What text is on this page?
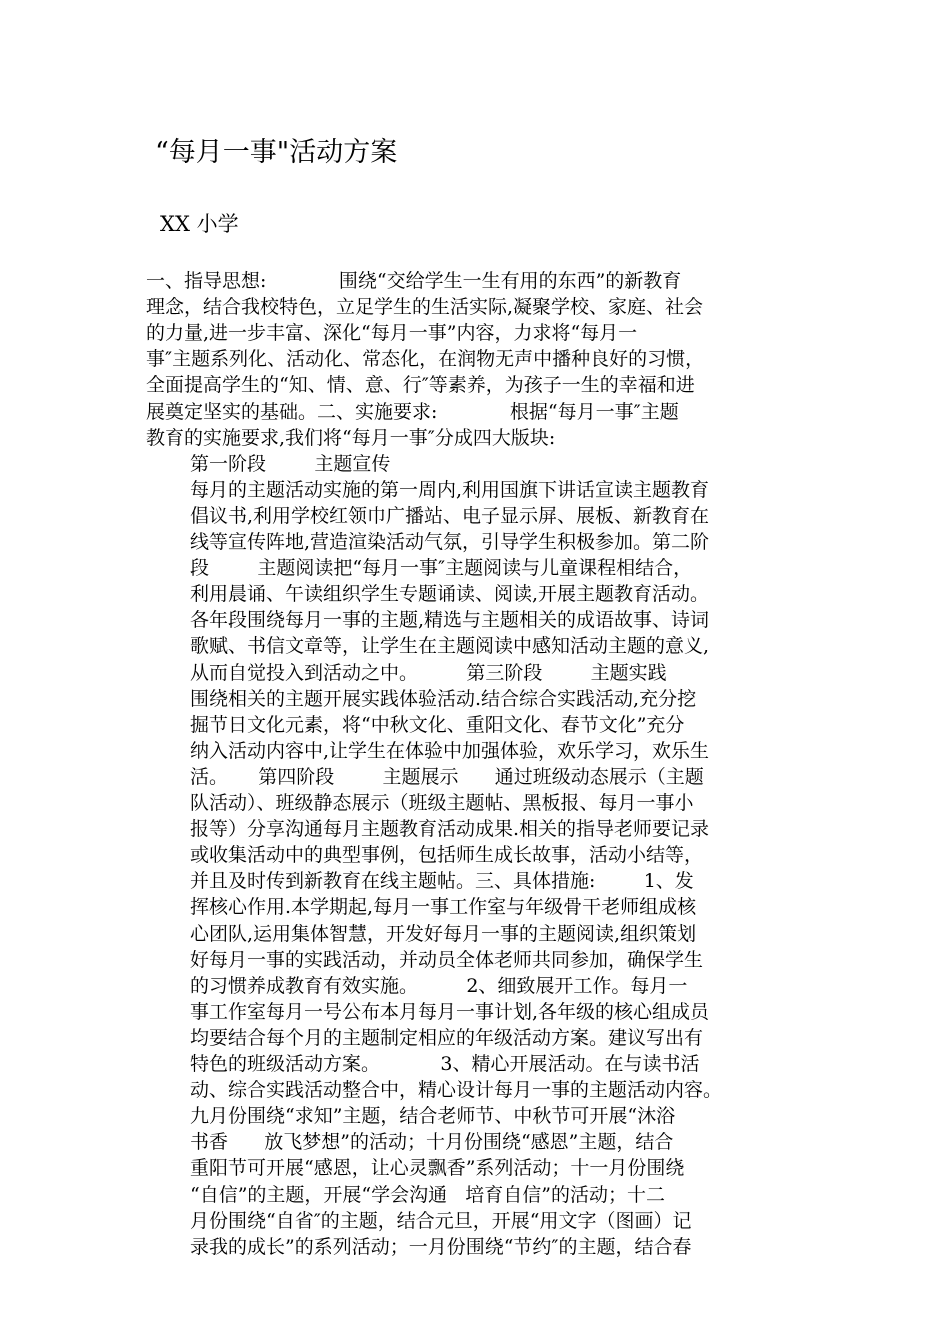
“每月一事"活动方案
XX 小学
一、指导思想:            围绕“交给学生一生有用的东西”的新教育
理念，结合我校特色，立足学生的生活实际,凝聚学校、家庭、社会
的力量,进一步丰富、深化“每月一事”内容，力求将“每月一
事″主题系列化、活动化、常态化，在润物无声中播种良好的习惯，
全面提高学生的“知、情、意、行″等素养，为孩子一生的幸福和进
展奠定坚实的基础。二、实施要求:            根据“每月一事″主题
教育的实施要求,我们将“每月一事″分成四大版块:
第一阶段        主题宣传
每月的主题活动实施的第一周内,利用国旗下讲话宣读主题教育
倡议书,利用学校红领巾广播站、电子显示屏、展板、新教育在
线等宣传阵地,营造渲染活动气氛，引导学生积极参加。第二阶
段        主题阅读把“每月一事″主题阅读与儿童课程相结合，
利用晨诵、午读组织学生专题诵读、阅读,开展主题教育活动。
各年段围绕每月一事的主题,精选与主题相关的成语故事、诗词
歌赋、书信文章等，让学生在主题阅读中感知活动主题的意义,
从而自觉投入到活动之中。        第三阶段        主题实践
围绕相关的主题开展实践体验活动.结合综合实践活动,充分挖
掘节日文化元素，将“中秋文化、重阳文化、春节文化”充分
纳入活动内容中,让学生在体验中加强体验，欢乐学习，欢乐生
活。     第四阶段        主题展示      通过班级动态展示（主题
队活动）、班级静态展示（班级主题帖、黑板报、每月一事小
报等）分享沟通每月主题教育活动成果.相关的指导老师要记录
或收集活动中的典型事例，包括师生成长故事，活动小结等，
并且及时传到新教育在线主题帖。三、具体措施:        1、发
挥核心作用.本学期起,每月一事工作室与年级骨干老师组成核
心团队,运用集体智慧，开发好每月一事的主题阅读,组织策划
好每月一事的实践活动，并动员全体老师共同参加，确保学生
的习惯养成教育有效实施。        2、细致展开工作。每月一
事工作室每月一号公布本月每月一事计划,各年级的核心组成员
均要结合每个月的主题制定相应的年级活动方案。建议写出有
特色的班级活动方案。          3、精心开展活动。在与读书活
动、综合实践活动整合中，精心设计每月一事的主题活动内容。
九月份围绕“求知”主题，结合老师节、中秋节可开展“沐浴
书香      放飞梦想”的活动；十月份围绕“感恩”主题，结合
重阳节可开展“感恩，让心灵飘香”系列活动；十一月份围绕
“自信”的主题，开展“学会沟通   培育自信”的活动；十二
月份围绕“自省″的主题，结合元旦，开展“用文字（图画）记
录我的成长”的系列活动；一月份围绕“节约″的主题，结合春
